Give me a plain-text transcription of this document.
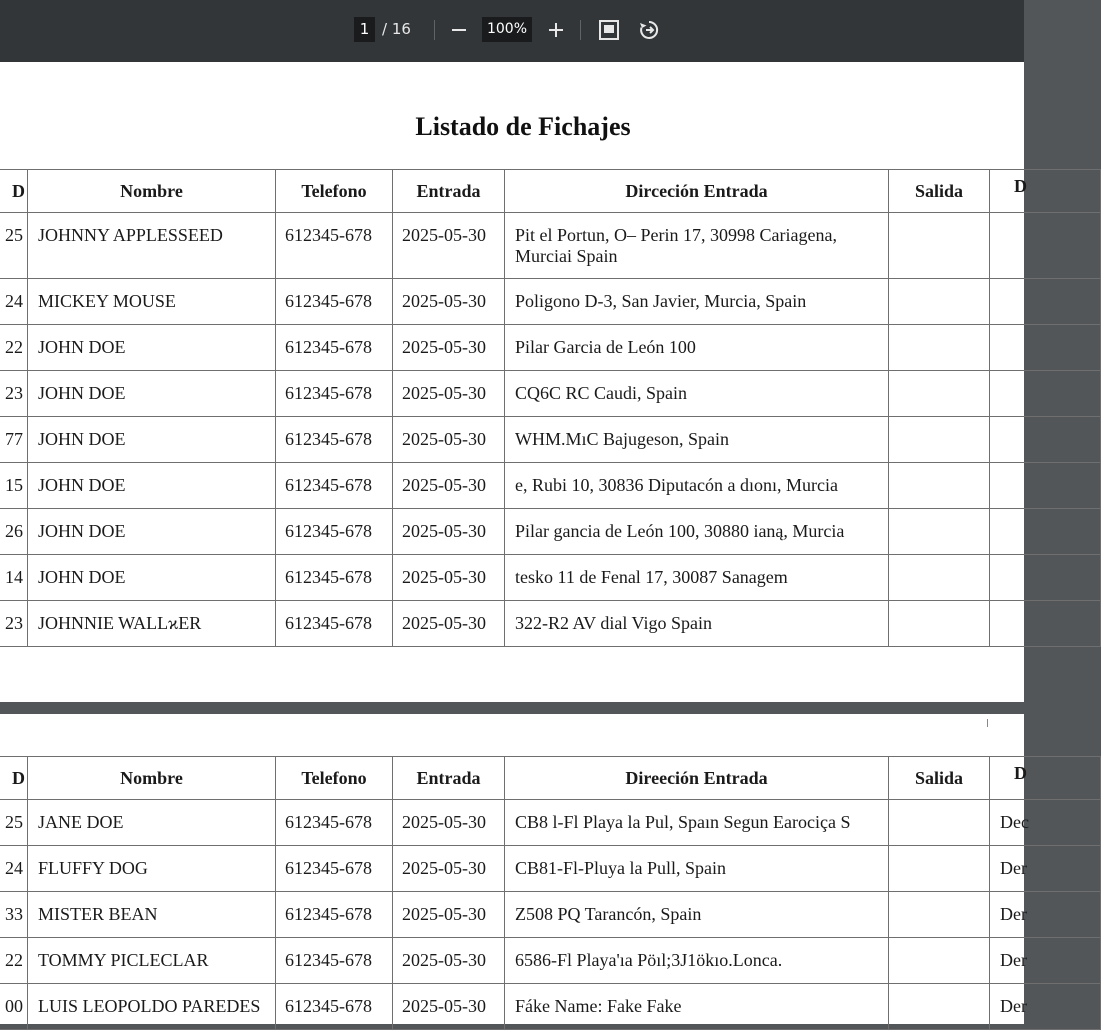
1 / 16	100%
Listado de Fichajes
D	Nombre	Telefono	Entrada	Dirceción Entrada	Salida	D
25	JOHNNY APPLESSEED	612345-678	2025-05-30	Pit el Portun, O– Perin 17, 30998 Cariagena, Murciai Spain		
24	MICKEY MOUSE	612345-678	2025-05-30	Poligono D-3, San Javier, Murcia, Spain		
22	JOHN DOE	612345-678	2025-05-30	Pilar Garcia de León 100		
23	JOHN DOE	612345-678	2025-05-30	CQ6C RC Caudi, Spain		
77	JOHN DOE	612345-678	2025-05-30	WHM.MıC Bajugeson, Spain		
15	JOHN DOE	612345-678	2025-05-30	e, Rubi 10, 30836 Diputacón a dıonı, Murcia		
26	JOHN DOE	612345-678	2025-05-30	Pilar gancia de León 100, 30880 ianą, Murcia		
14	JOHN DOE	612345-678	2025-05-30	tesko 11 de Fenal 17, 30087 Sanagem		
23	JOHNNIE WALLϰER	612345-678	2025-05-30	322-R2 AV dial Vigo Spain		
D	Nombre	Telefono	Entrada	Direeción Entrada	Salida	D
25	JANE DOE	612345-678	2025-05-30	CB8 l-Fl Playa la Pul, Spaın Segun Earociça S		Dec
24	FLUFFY DOG	612345-678	2025-05-30	CB81-Fl-Pluya la Pull, Spain		Der
33	MISTER BEAN	612345-678	2025-05-30	Z508 PQ Tarancón, Spain		Der
22	TOMMY PICLECLAR	612345-678	2025-05-30	6586-Fl Playa'ıa Pöıl;3J1ökıo.Lonca.		Der
00	LUIS LEOPOLDO PAREDES	612345-678	2025-05-30	Fáke Name: Fake Fake		Der
